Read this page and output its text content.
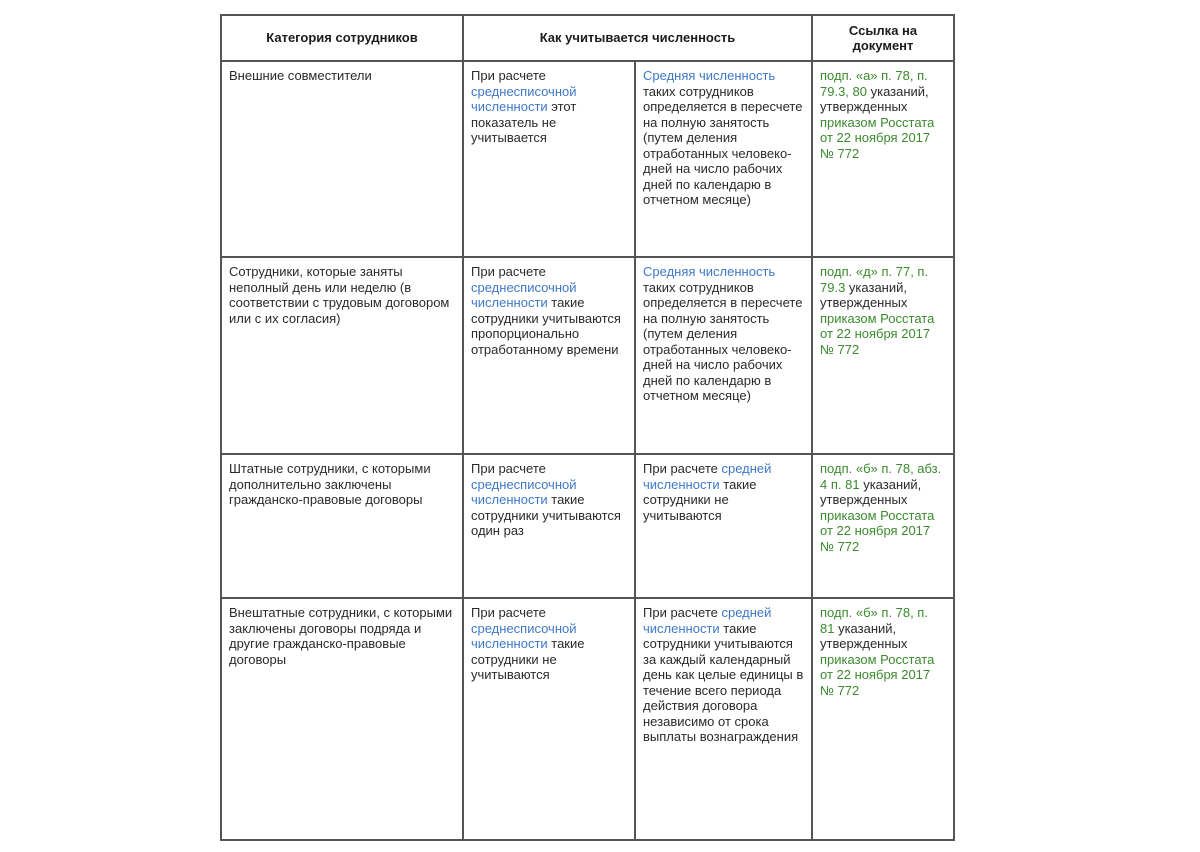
Категория сотрудников	Как учитывается численность		Ссылка на документ
Внешние совместители	При расчете среднесписочной численности этот показатель не учитывается	Средняя численность таких сотрудников определяется в пересчете на полную занятость (путем деления отработанных человеко-дней на число рабочих дней по календарю в отчетном месяце)	подп. «а» п. 78, п. 79.3, 80 указаний, утвержденных приказом Росстата от 22 ноября 2017 № 772
Сотрудники, которые заняты неполный день или неделю (в соответствии с трудовым договором или с их согласия)	При расчете среднесписочной численности такие сотрудники учитываются пропорционально отработанному времени	Средняя численность таких сотрудников определяется в пересчете на полную занятость (путем деления отработанных человеко-дней на число рабочих дней по календарю в отчетном месяце)	подп. «д» п. 77, п. 79.3 указаний, утвержденных приказом Росстата от 22 ноября 2017 № 772
Штатные сотрудники, с которыми дополнительно заключены гражданско-правовые договоры	При расчете среднесписочной численности такие сотрудники учитываются один раз	При расчете средней численности такие сотрудники не учитываются	подп. «б» п. 78, абз. 4 п. 81 указаний, утвержденных приказом Росстата от 22 ноября 2017 № 772
Внештатные сотрудники, с которыми заключены договоры подряда и другие гражданско-правовые договоры	При расчете среднесписочной численности такие сотрудники не учитываются	При расчете средней численности такие сотрудники учитываются за каждый календарный день как целые единицы в течение всего периода действия договора независимо от срока выплаты вознаграждения	подп. «б» п. 78, п. 81 указаний, утвержденных приказом Росстата от 22 ноября 2017 № 772
